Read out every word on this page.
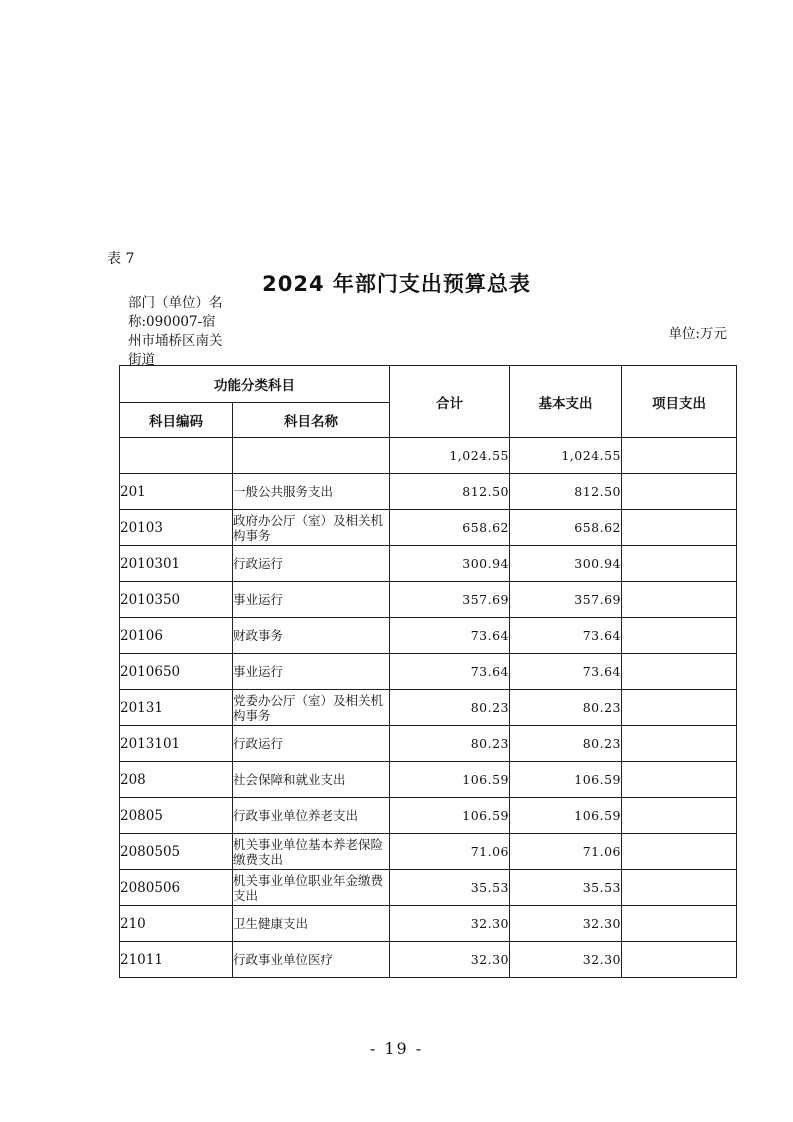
表 7
2024 年部门支出预算总表
部门（单位）名称:090007-宿州市埇桥区南关街道
单位:万元
功能分类科目		合计	基本支出	项目支出
科目编码	科目名称			
		1,024.55	1,024.55	
201	一般公共服务支出	812.50	812.50	
20103	政府办公厅（室）及相关机构事务	658.62	658.62	
2010301	行政运行	300.94	300.94	
2010350	事业运行	357.69	357.69	
20106	财政事务	73.64	73.64	
2010650	事业运行	73.64	73.64	
20131	党委办公厅（室）及相关机构事务	80.23	80.23	
2013101	行政运行	80.23	80.23	
208	社会保障和就业支出	106.59	106.59	
20805	行政事业单位养老支出	106.59	106.59	
2080505	机关事业单位基本养老保险缴费支出	71.06	71.06	
2080506	机关事业单位职业年金缴费支出	35.53	35.53	
210	卫生健康支出	32.30	32.30	
21011	行政事业单位医疗	32.30	32.30	
- 19 -
